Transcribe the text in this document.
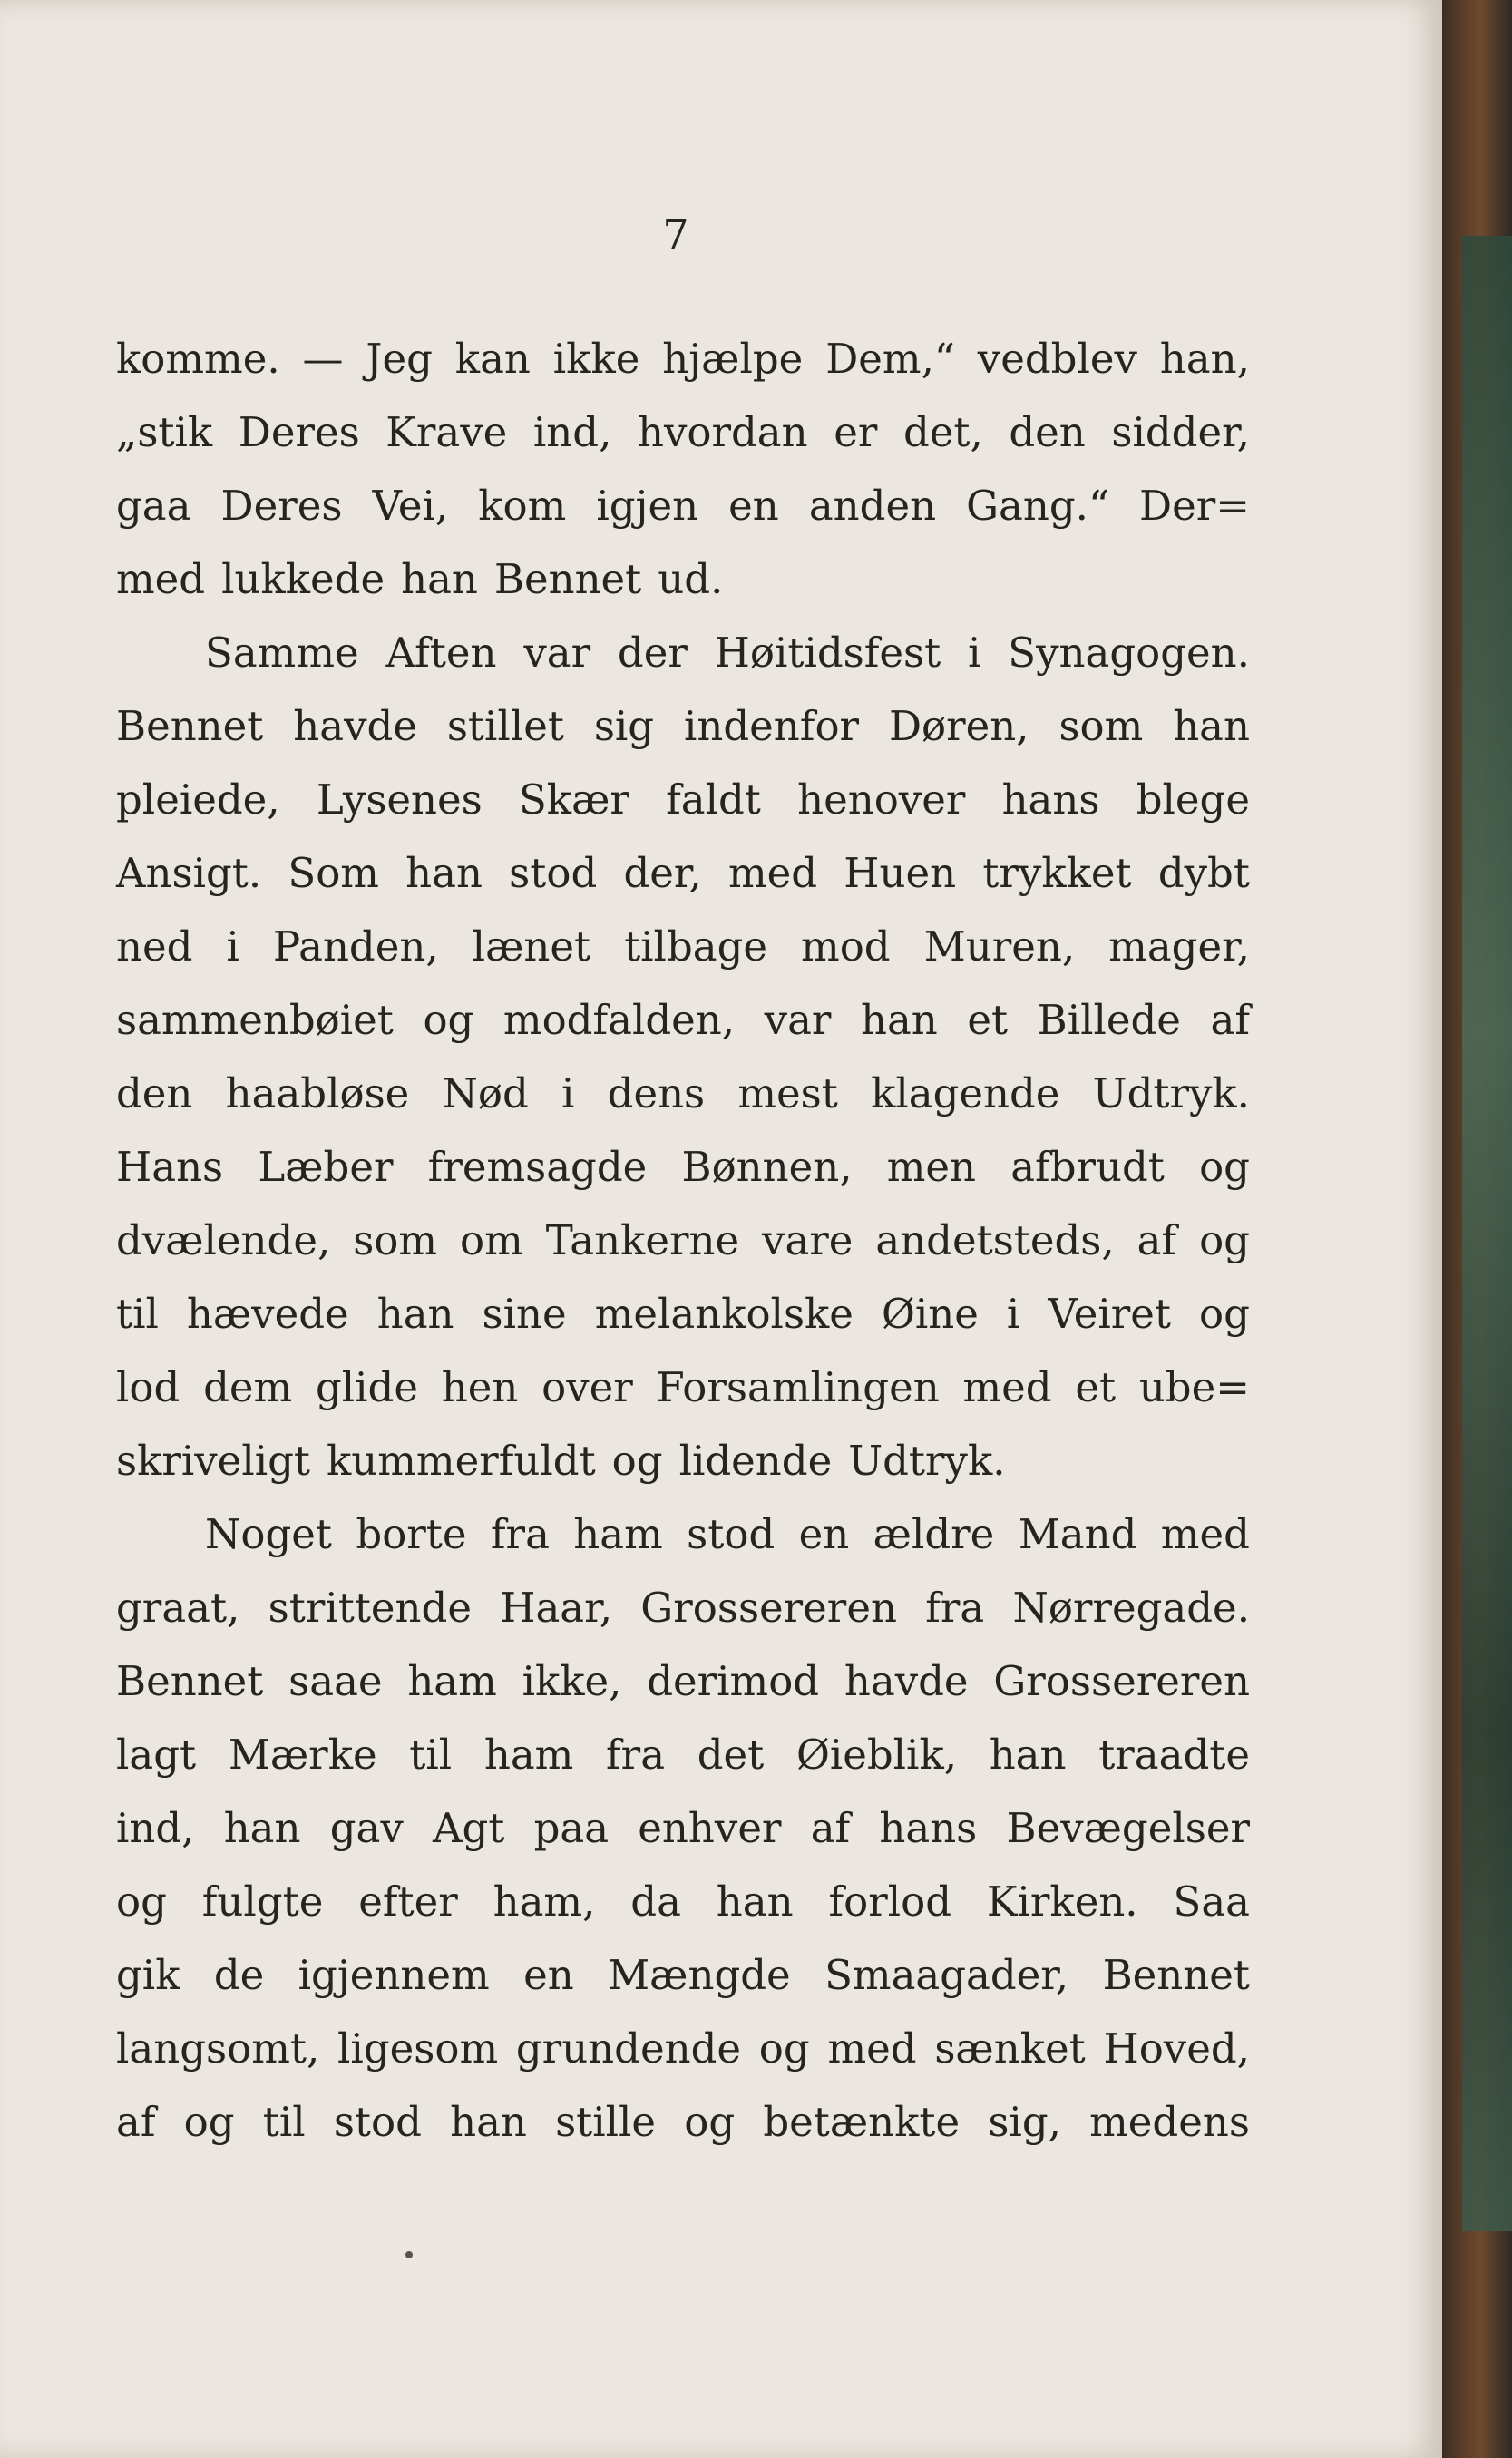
7
komme. — Jeg kan ikke hjælpe Dem,“ vedblev han,
„stik Deres Krave ind, hvordan er det, den sidder,
gaa Deres Vei, kom igjen en anden Gang.“ Der=
med lukkede han Bennet ud.
Samme Aften var der Høitidsfest i Synagogen.
Bennet havde stillet sig indenfor Døren, som han
pleiede, Lysenes Skær faldt henover hans blege
Ansigt. Som han stod der, med Huen trykket dybt
ned i Panden, lænet tilbage mod Muren, mager,
sammenbøiet og modfalden, var han et Billede af
den haabløse Nød i dens mest klagende Udtryk.
Hans Læber fremsagde Bønnen, men afbrudt og
dvælende, som om Tankerne vare andetsteds, af og
til hævede han sine melankolske Øine i Veiret og
lod dem glide hen over Forsamlingen med et ube=
skriveligt kummerfuldt og lidende Udtryk.
Noget borte fra ham stod en ældre Mand med
graat, strittende Haar, Grossereren fra Nørregade.
Bennet saae ham ikke, derimod havde Grossereren
lagt Mærke til ham fra det Øieblik, han traadte
ind, han gav Agt paa enhver af hans Bevægelser
og fulgte efter ham, da han forlod Kirken. Saa
gik de igjennem en Mængde Smaagader, Bennet
langsomt, ligesom grundende og med sænket Hoved,
af og til stod han stille og betænkte sig, medens
